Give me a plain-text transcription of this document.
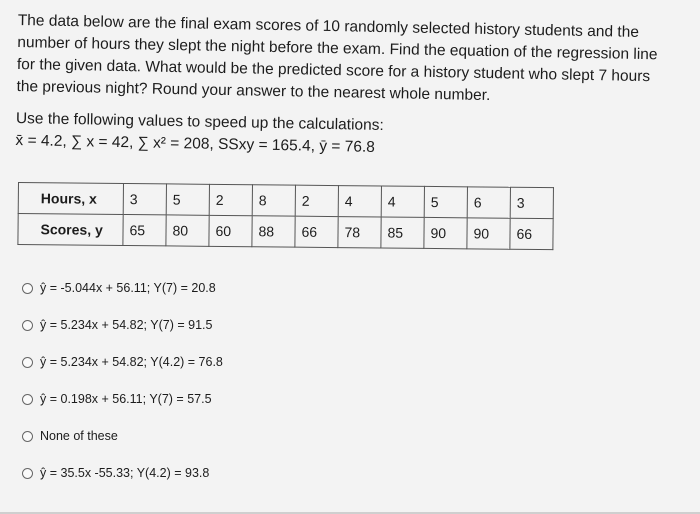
The data below are the final exam scores of 10 randomly selected history students and the
number of hours they slept the night before the exam. Find the equation of the regression line
for the given data. What would be the predicted score for a history student who slept 7 hours
the previous night? Round your answer to the nearest whole number.
Use the following values to speed up the calculations:
x̄ = 4.2, ∑ x = 42, ∑ x² = 208, SSxy = 165.4, ȳ = 76.8
Hours, x	3	5	2	8	2	4	4	5	6	3
Scores, y	65	80	60	88	66	78	85	90	90	66
ŷ = -5.044x + 56.11; Y(7) = 20.8
ŷ = 5.234x + 54.82; Y(7) = 91.5
ŷ = 5.234x + 54.82; Y(4.2) = 76.8
ŷ = 0.198x + 56.11; Y(7) = 57.5
None of these
ŷ = 35.5x -55.33; Y(4.2) = 93.8
